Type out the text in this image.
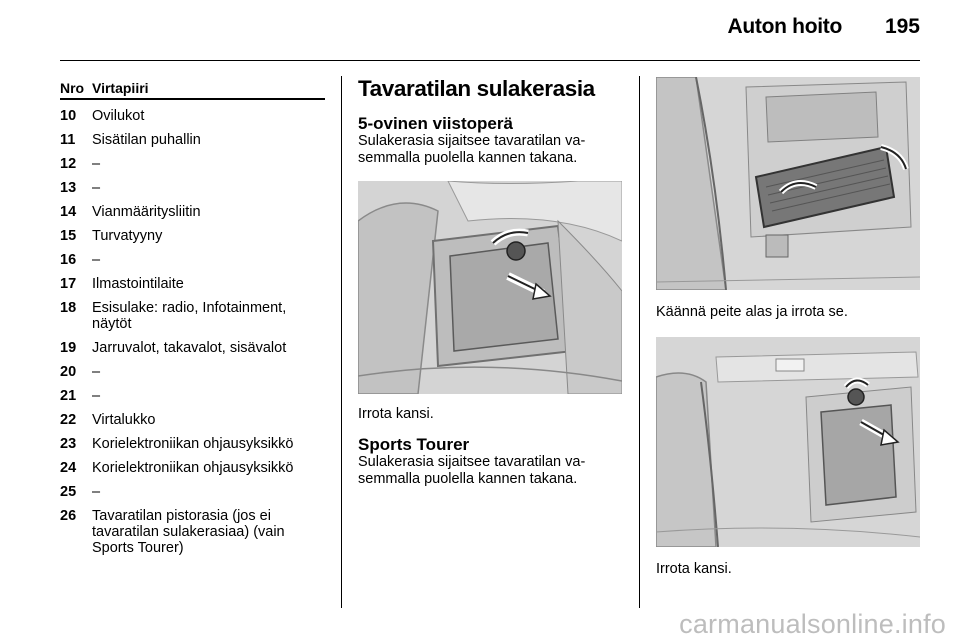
Auton hoito 195
Nro Virtapiiri
10	Ovilukot
11	Sisätilan puhallin
12	–
13	–
14	Vianmääritysliitin
15	Turvatyyny
16	–
17	Ilmastointilaite
18	Esisulake: radio, Infotainment, näytöt
19	Jarruvalot, takavalot, sisävalot
20	–
21	–
22	Virtalukko
23	Korielektroniikan ohjausyksikkö
24	Korielektroniikan ohjausyksikkö
25	–
26	Tavaratilan pistorasia (jos ei tavaratilan sulakerasiaa) (vain Sports Tourer)
Tavaratilan sulakerasia
5-ovinen viistoperä

Sulakerasia sijaitsee tavaratilan vasemmalla puolella kannen takana.

Irrota kansi.

Sports Tourer

Sulakerasia sijaitsee tavaratilan vasemmalla puolella kannen takana.

Käännä peite alas ja irrota se.

Irrota kansi.

carmanualsonline.info
